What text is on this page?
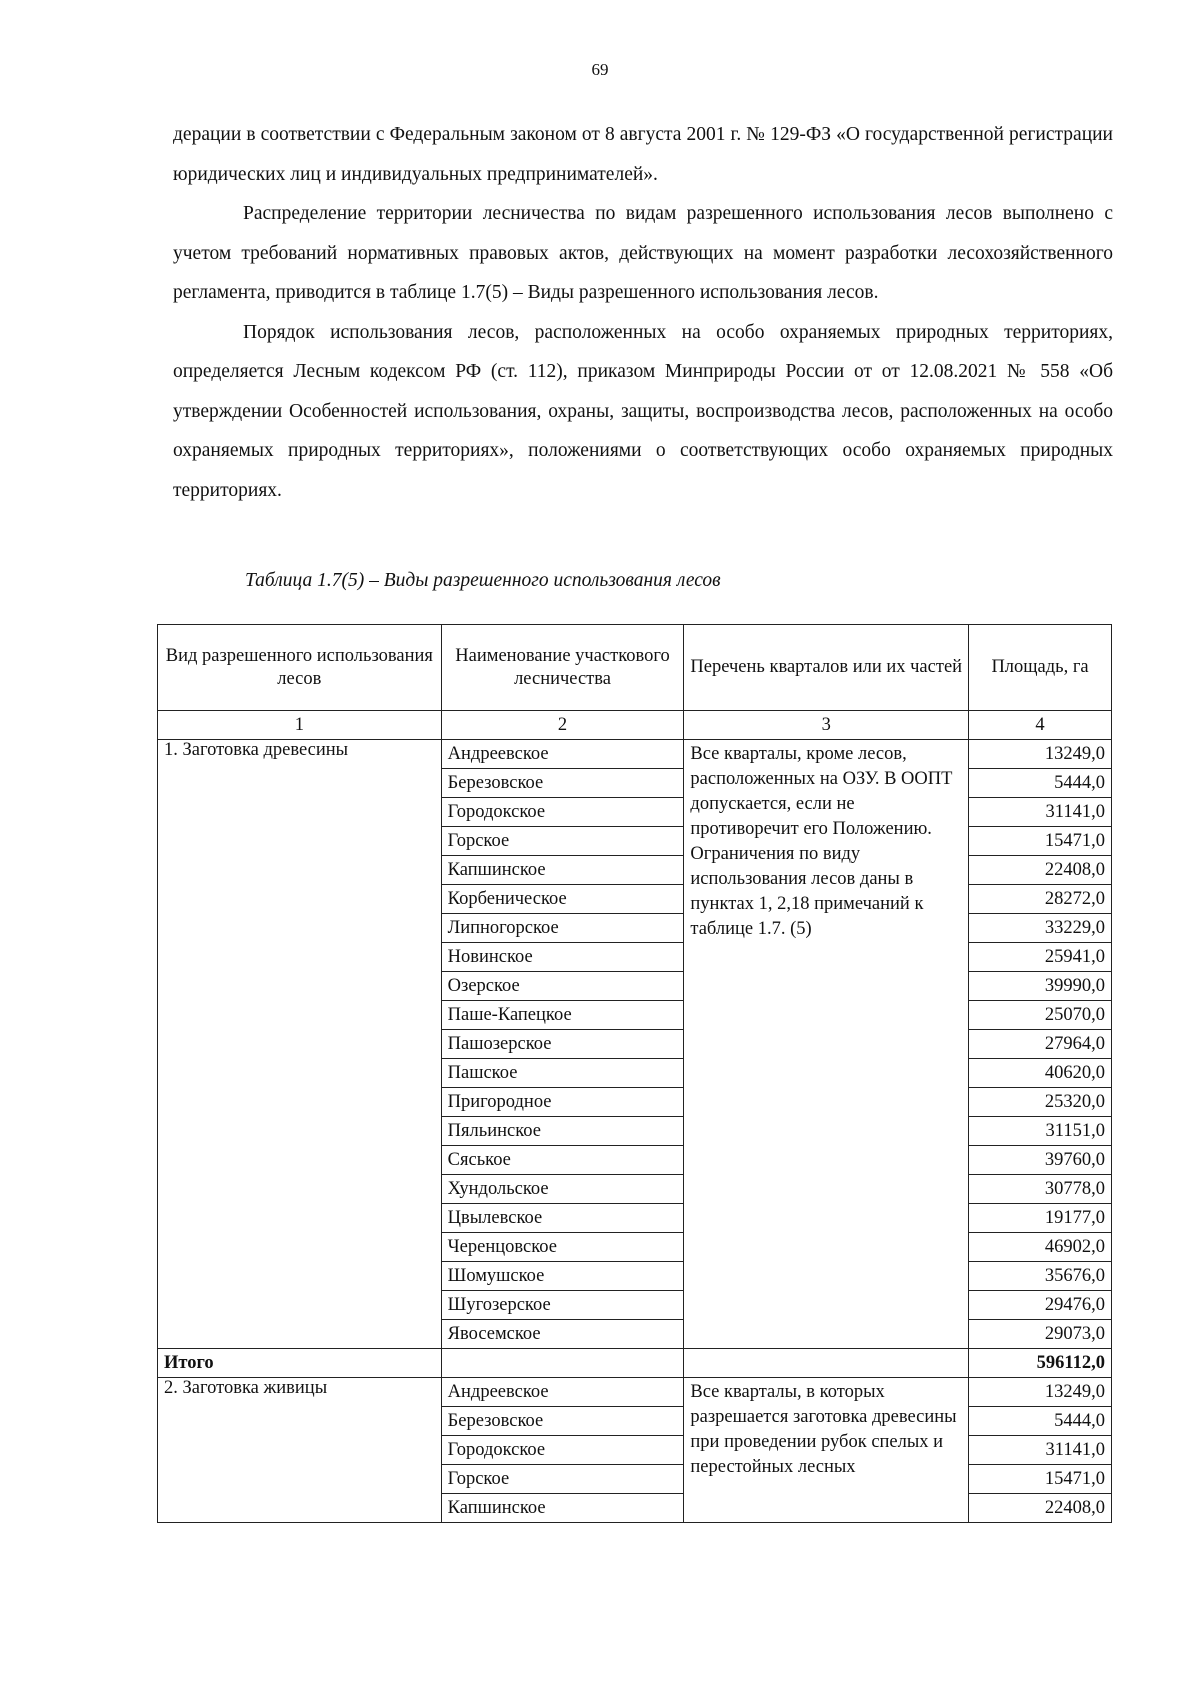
69

дерации в соответствии с Федеральным законом от 8 августа 2001 г. № 129-ФЗ «О государственной регистрации юридических лиц и индивидуальных предпринимателей».

Распределение территории лесничества по видам разрешенного использования лесов выполнено с учетом требований нормативных правовых актов, действующих на момент разработки лесохозяйственного регламента, приводится в таблице 1.7(5) – Виды разрешенного использования лесов.

Порядок использования лесов, расположенных на особо охраняемых природных территориях, определяется Лесным кодексом РФ (ст. 112), приказом Минприроды России от от 12.08.2021 № 558 «Об утверждении Особенностей использования, охраны, защиты, воспроизводства лесов, расположенных на особо охраняемых природных территориях», положениями о соответствующих особо охраняемых природных территориях.

Таблица 1.7(5) – Виды разрешенного использования лесов
Вид разрешенного использования лесов	Наименование участкового лесничества	Перечень кварталов или их частей	Площадь, га
1	2	3	4
1. Заготовка древесины	Андреевское	Все кварталы, кроме лесов, расположенных на ОЗУ. В ООПТ допускается, если не противоречит его Положению. Ограничения по виду использования лесов даны в пунктах 1, 2,18 примечаний к таблице 1.7. (5)	13249,0
	Березовское		5444,0
	Городокское		31141,0
	Горское		15471,0
	Капшинское		22408,0
	Корбеническое		28272,0
	Липногорское		33229,0
	Новинское		25941,0
	Озерское		39990,0
	Паше-Капецкое		25070,0
	Пашозерское		27964,0
	Пашское		40620,0
	Пригородное		25320,0
	Пяльинское		31151,0
	Сяськое		39760,0
	Хундольское		30778,0
	Цвылевское		19177,0
	Черенцовское		46902,0
	Шомушское		35676,0
	Шугозерское		29476,0
	Явосемское		29073,0
Итого			596112,0
2. Заготовка живицы	Андреевское	Все кварталы, в которых разрешается заготовка древесины при проведении рубок спелых и перестойных лесных	13249,0
	Березовское		5444,0
	Городокское		31141,0
	Горское		15471,0
	Капшинское		22408,0
